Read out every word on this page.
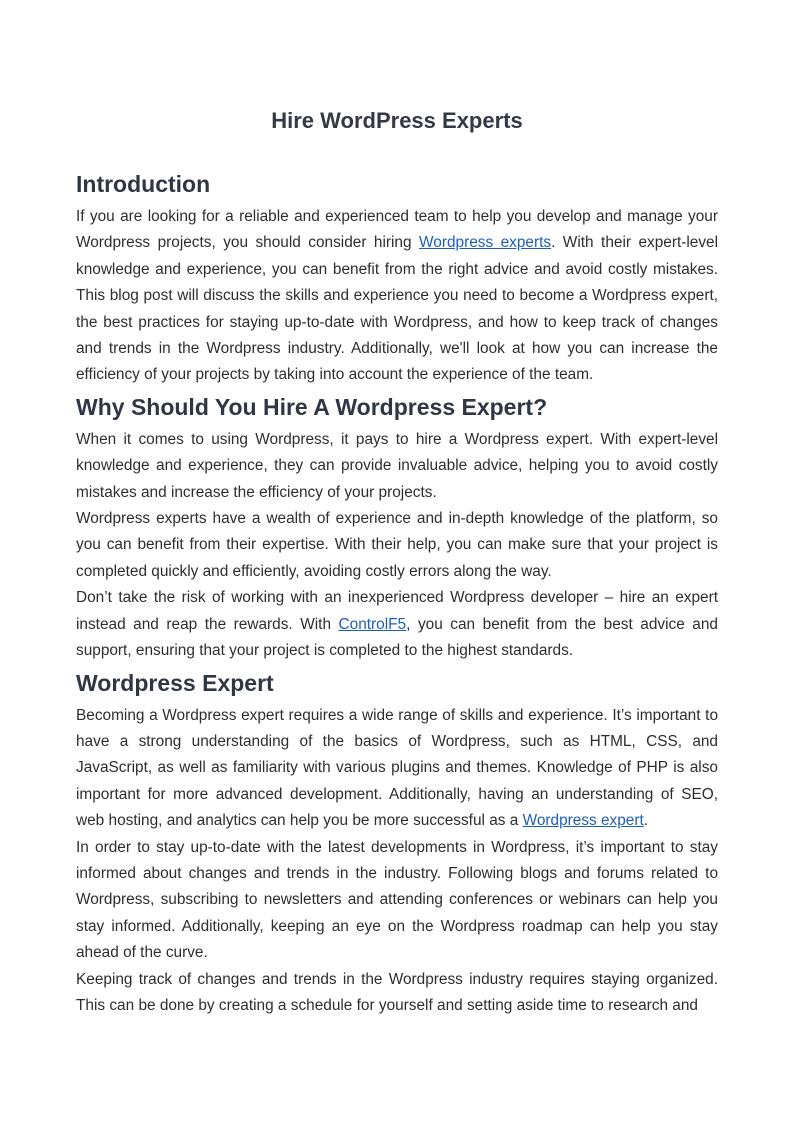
Hire WordPress Experts
Introduction

If you are looking for a reliable and experienced team to help you develop and manage your Wordpress projects, you should consider hiring Wordpress experts. With their expert-level knowledge and experience, you can benefit from the right advice and avoid costly mistakes. This blog post will discuss the skills and experience you need to become a Wordpress expert, the best practices for staying up-to-date with Wordpress, and how to keep track of changes and trends in the Wordpress industry. Additionally, we'll look at how you can increase the efficiency of your projects by taking into account the experience of the team.

Why Should You Hire A Wordpress Expert?

When it comes to using Wordpress, it pays to hire a Wordpress expert. With expert-level knowledge and experience, they can provide invaluable advice, helping you to avoid costly mistakes and increase the efficiency of your projects.

Wordpress experts have a wealth of experience and in-depth knowledge of the platform, so you can benefit from their expertise. With their help, you can make sure that your project is completed quickly and efficiently, avoiding costly errors along the way.

Don’t take the risk of working with an inexperienced Wordpress developer – hire an expert instead and reap the rewards. With ControlF5, you can benefit from the best advice and support, ensuring that your project is completed to the highest standards.

Wordpress Expert

Becoming a Wordpress expert requires a wide range of skills and experience. It’s important to have a strong understanding of the basics of Wordpress, such as HTML, CSS, and JavaScript, as well as familiarity with various plugins and themes. Knowledge of PHP is also important for more advanced development. Additionally, having an understanding of SEO, web hosting, and analytics can help you be more successful as a Wordpress expert.

In order to stay up-to-date with the latest developments in Wordpress, it’s important to stay informed about changes and trends in the industry. Following blogs and forums related to Wordpress, subscribing to newsletters and attending conferences or webinars can help you stay informed. Additionally, keeping an eye on the Wordpress roadmap can help you stay ahead of the curve.

Keeping track of changes and trends in the Wordpress industry requires staying organized. This can be done by creating a schedule for yourself and setting aside time to research and
